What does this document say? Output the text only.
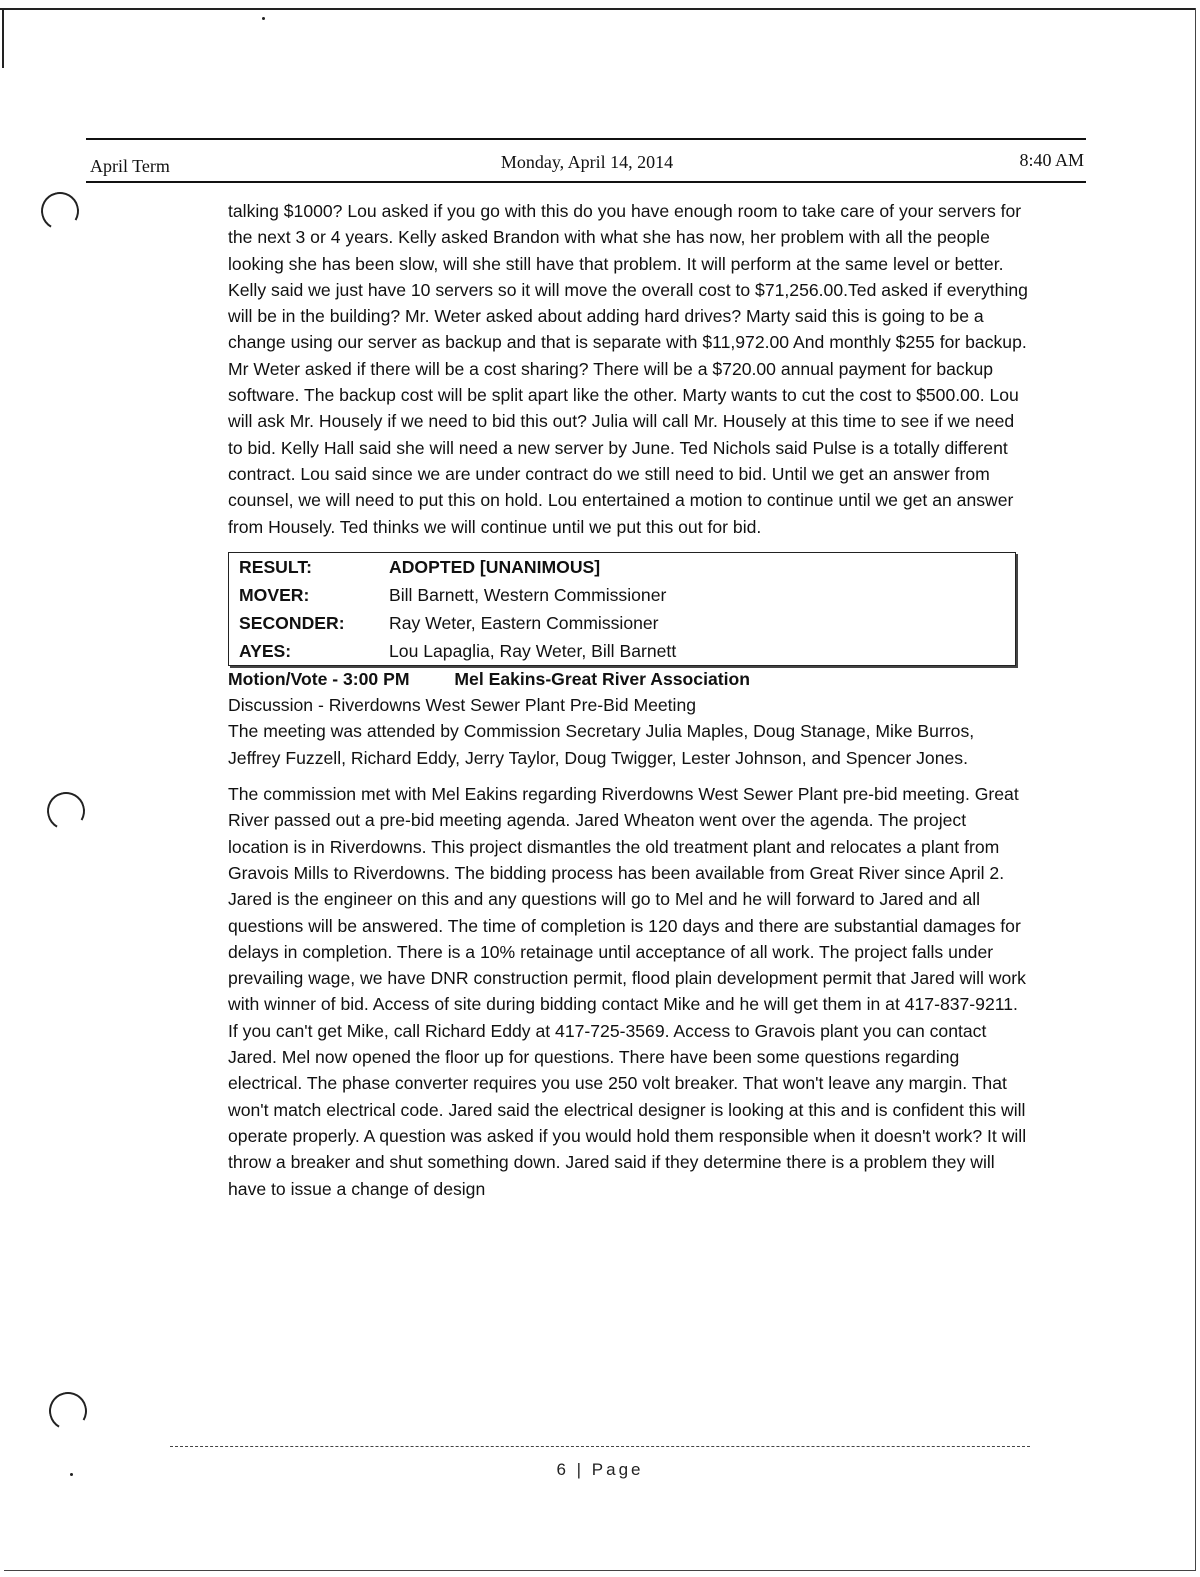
April Term	Monday, April 14, 2014	8:40 AM

talking $1000? Lou asked if you go with this do you have enough room to take care of your servers for the next 3 or 4 years. Kelly asked Brandon with what she has now, her problem with all the people looking she has been slow, will she still have that problem. It will perform at the same level or better. Kelly said we just have 10 servers so it will move the overall cost to $71,256.00.Ted asked if everything will be in the building? Mr. Weter asked about adding hard drives? Marty said this is going to be a change using our server as backup and that is separate with $11,972.00 And monthly $255 for backup. Mr Weter asked if there will be a cost sharing? There will be a $720.00 annual payment for backup software. The backup cost will be split apart like the other. Marty wants to cut the cost to $500.00. Lou will ask Mr. Housely if we need to bid this out? Julia will call Mr. Housely at this time to see if we need to bid. Kelly Hall said she will need a new server by June. Ted Nichols said Pulse is a totally different contract. Lou said since we are under contract do we still need to bid. Until we get an answer from counsel, we will need to put this on hold. Lou entertained a motion to continue until we get an answer from Housely. Ted thinks we will continue until we put this out for bid.

RESULT:	ADOPTED [UNANIMOUS]
MOVER:	Bill Barnett, Western Commissioner
SECONDER:	Ray Weter, Eastern Commissioner
AYES:	Lou Lapaglia, Ray Weter, Bill Barnett

Motion/Vote - 3:00 PM	Mel Eakins-Great River Association

Discussion - Riverdowns West Sewer Plant Pre-Bid Meeting

The meeting was attended by Commission Secretary Julia Maples, Doug Stanage, Mike Burros, Jeffrey Fuzzell, Richard Eddy, Jerry Taylor, Doug Twigger, Lester Johnson, and Spencer Jones.

The commission met with Mel Eakins regarding Riverdowns West Sewer Plant pre-bid meeting. Great River passed out a pre-bid meeting agenda. Jared Wheaton went over the agenda. The project location is in Riverdowns. This project dismantles the old treatment plant and relocates a plant from Gravois Mills to Riverdowns. The bidding process has been available from Great River since April 2. Jared is the engineer on this and any questions will go to Mel and he will forward to Jared and all questions will be answered. The time of completion is 120 days and there are substantial damages for delays in completion. There is a 10% retainage until acceptance of all work. The project falls under prevailing wage, we have DNR construction permit, flood plain development permit that Jared will work with winner of bid. Access of site during bidding contact Mike and he will get them in at 417-837-9211. If you can't get Mike, call Richard Eddy at 417-725-3569. Access to Gravois plant you can contact Jared. Mel now opened the floor up for questions. There have been some questions regarding electrical. The phase converter requires you use 250 volt breaker. That won't leave any margin. That won't match electrical code. Jared said the electrical designer is looking at this and is confident this will operate properly. A question was asked if you would hold them responsible when it doesn't work? It will throw a breaker and shut something down. Jared said if they determine there is a problem they will have to issue a change of design

6 | Page
